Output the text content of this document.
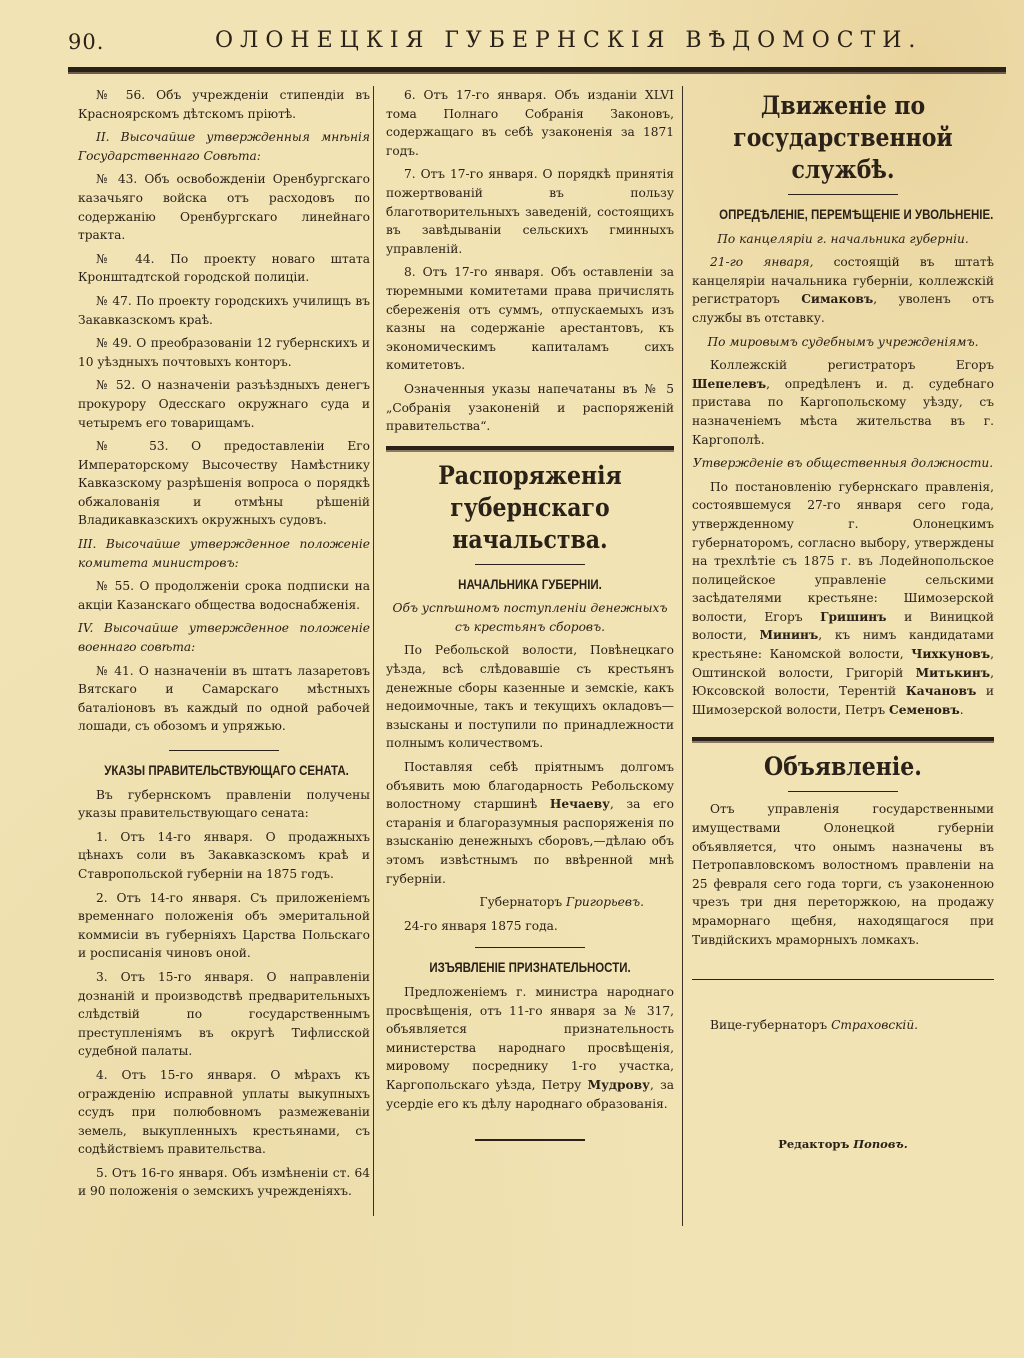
90.	ОЛОНЕЦКІЯ ГУБЕРНСКІЯ ВѢДОМОСТИ.

№ 56. Объ учрежденіи стипендіи въ Красноярскомъ дѣтскомъ пріютѣ.

II. Высочайше утвержденныя мнѣнія Государственнаго Совѣта:

№ 43. Объ освобожденіи Оренбургскаго казачьяго войска отъ расходовъ по содержанію Оренбургскаго линейнаго тракта.

№ 44. По проекту новаго штата Кронштадтской городской полиціи.

№ 47. По проекту городскихъ училищъ въ Закавказскомъ краѣ.

№ 49. О преобразованіи 12 губернскихъ и 10 уѣздныхъ почтовыхъ конторъ.

№ 52. О назначеніи разъѣздныхъ денегъ прокурору Одесскаго окружнаго суда и четыремъ его товарищамъ.

№ 53. О предоставленіи Его Императорскому Высочеству Намѣстнику Кавказскому разрѣшенія вопроса о порядкѣ обжалованія и отмѣны рѣшеній Владикавказскихъ окружныхъ судовъ.

III. Высочайше утвержденное положеніе комитета министровъ:

№ 55. О продолженіи срока подписки на акціи Казанскаго общества водоснабженія.

IV. Высочайше утвержденное положеніе военнаго совѣта:

№ 41. О назначеніи въ штатъ лазаретовъ Вятскаго и Самарскаго мѣстныхъ баталіоновъ въ каждый по одной рабочей лошади, съ обозомъ и упряжью.

УКАЗЫ ПРАВИТЕЛЬСТВУЮЩАГО СЕНАТА.

Въ губернскомъ правленіи получены указы правительствующаго сената:

1. Отъ 14-го января. О продажныхъ цѣнахъ соли въ Закавказскомъ краѣ и Ставропольской губерніи на 1875 годъ.

2. Отъ 14-го января. Съ приложеніемъ временнаго положенія объ эмеритальной коммисіи въ губерніяхъ Царства Польскаго и росписанія чиновъ оной.

3. Отъ 15-го января. О направленіи дознаній и производствѣ предварительныхъ слѣдствій по государственнымъ преступленіямъ въ округѣ Тифлисской судебной палаты.

4. Отъ 15-го января. О мѣрахъ къ огражденію исправной уплаты выкупныхъ ссудъ при полюбовномъ размежеваніи земель, выкупленныхъ крестьянами, съ содѣйствіемъ правительства.

5. Отъ 16-го января. Объ измѣненіи ст. 64 и 90 положенія о земскихъ учрежденіяхъ.

6. Отъ 17-го января. Объ изданіи XLVI тома Полнаго Собранія Законовъ, содержащаго въ себѣ узаконенія за 1871 годъ.

7. Отъ 17-го января. О порядкѣ принятія пожертвованій въ пользу благотворительныхъ заведеній, состоящихъ въ завѣдываніи сельскихъ гминныхъ управленій.

8. Отъ 17-го января. Объ оставленіи за тюремными комитетами права причислять сбереженія отъ суммъ, отпускаемыхъ изъ казны на содержаніе арестантовъ, къ экономическимъ капиталамъ сихъ комитетовъ.

Означенныя указы напечатаны въ № 5 „Собранія узаконеній и распоряженій правительства“.

Распоряженія губернскаго начальства.
НАЧАЛЬНИКА ГУБЕРНІИ.

Объ успѣшномъ поступленіи денежныхъ съ крестьянъ сборовъ.

По Ребольской волости, Повѣнецкаго уѣзда, всѣ слѣдовавшіе съ крестьянъ денежные сборы казенные и земскіе, какъ недоимочные, такъ и текущихъ окладовъ—взысканы и поступили по принадлежности полнымъ количествомъ.

Поставляя себѣ пріятнымъ долгомъ объявить мою благодарность Ребольскому волостному старшинѣ Нечаеву, за его старанія и благоразумныя распоряженія по взысканію денежныхъ сборовъ,—дѣлаю объ этомъ извѣстнымъ по ввѣренной мнѣ губерніи.

Губернаторъ Григорьевъ.

24-го января 1875 года.

ИЗЪЯВЛЕНІЕ ПРИЗНАТЕЛЬНОСТИ.

Предложеніемъ г. министра народнаго просвѣщенія, отъ 11-го января за № 317, объявляется признательность министерства народнаго просвѣщенія, мировому посреднику 1-го участка, Каргопольскаго уѣзда, Петру Мудрову, за усердіе его къ дѣлу народнаго образованія.

Движеніе по государственной службѣ.
ОПРЕДѢЛЕНІЕ, ПЕРЕМѢЩЕНІЕ И УВОЛЬНЕНІЕ.

По канцеляріи г. начальника губерніи.

21-го января, состоящій въ штатѣ канцеляріи начальника губерніи, коллежскій регистраторъ Симаковъ, уволенъ отъ службы въ отставку.

По мировымъ судебнымъ учрежденіямъ.

Коллежскій регистраторъ Егоръ Шепелевъ, опредѣленъ и. д. судебнаго пристава по Каргопольскому уѣзду, съ назначеніемъ мѣста жительства въ г. Каргополѣ.

Утвержденіе въ общественныя должности.

По постановленію губернскаго правленія, состоявшемуся 27-го января сего года, утвержденному г. Олонецкимъ губернаторомъ, согласно выбору, утверждены на трехлѣтіе съ 1875 г. въ Лодейнопольское полицейское управленіе сельскими засѣдателями крестьяне: Шимозерской волости, Егоръ Гришинъ и Виницкой волости, Мининъ, къ нимъ кандидатами крестьяне: Каномской волости, Чихкуновъ, Оштинской волости, Григорій Митькинъ, Юксовской волости, Терентій Качановъ и Шимозерской волости, Петръ Семеновъ.

Объявленіе.

Отъ управленія государственными имуществами Олонецкой губерніи объявляется, что онымъ назначены въ Петропавловскомъ волостномъ правленіи на 25 февраля сего года торги, съ узаконенною чрезъ три дня переторжкою, на продажу мраморнаго щебня, находящагося при Тивдійскихъ мраморныхъ ломкахъ.

Вице-губернаторъ Страховскій.

Редакторъ Поповъ.
